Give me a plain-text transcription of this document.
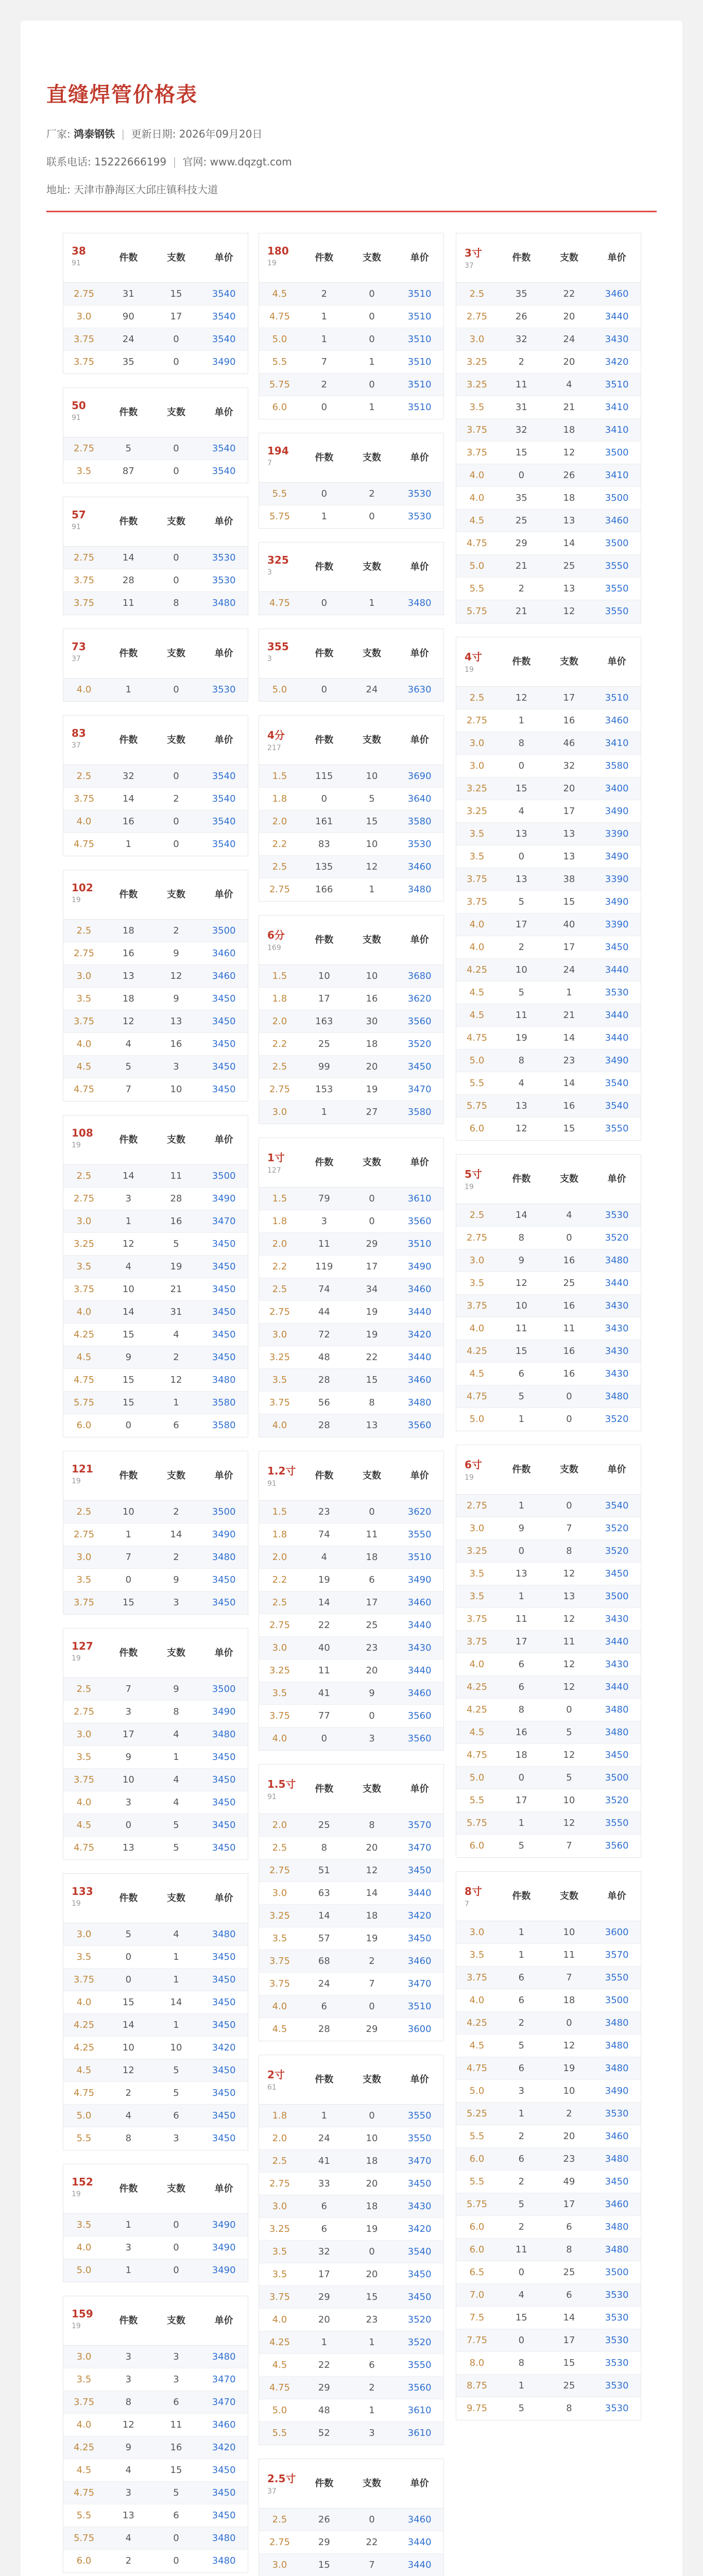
直缝焊管价格表
厂家: 鸿泰钢铁 | 更新日期: 2026年09月20日
联系电话: 15222666199 | 官网: www.dqzgt.com
地址: 天津市静海区大邱庄镇科技大道
38
91	件数	支数	单价
2.75	31	15	3540
3.0	90	17	3540
3.75	24	0	3540
3.75	35	0	3490
50
91	件数	支数	单价
2.75	5	0	3540
3.5	87	0	3540
57
91	件数	支数	单价
2.75	14	0	3530
3.75	28	0	3530
3.75	11	8	3480
73
37	件数	支数	单价
4.0	1	0	3530
83
37	件数	支数	单价
2.5	32	0	3540
3.75	14	2	3540
4.0	16	0	3540
4.75	1	0	3540
102
19	件数	支数	单价
2.5	18	2	3500
2.75	16	9	3460
3.0	13	12	3460
3.5	18	9	3450
3.75	12	13	3450
4.0	4	16	3450
4.5	5	3	3450
4.75	7	10	3450
108
19	件数	支数	单价
2.5	14	11	3500
2.75	3	28	3490
3.0	1	16	3470
3.25	12	5	3450
3.5	4	19	3450
3.75	10	21	3450
4.0	14	31	3450
4.25	15	4	3450
4.5	9	2	3450
4.75	15	12	3480
5.75	15	1	3580
6.0	0	6	3580
121
19	件数	支数	单价
2.5	10	2	3500
2.75	1	14	3490
3.0	7	2	3480
3.5	0	9	3450
3.75	15	3	3450
127
19	件数	支数	单价
2.5	7	9	3500
2.75	3	8	3490
3.0	17	4	3480
3.5	9	1	3450
3.75	10	4	3450
4.0	3	4	3450
4.5	0	5	3450
4.75	13	5	3450
133
19	件数	支数	单价
3.0	5	4	3480
3.5	0	1	3450
3.75	0	1	3450
4.0	15	14	3450
4.25	14	1	3450
4.25	10	10	3420
4.5	12	5	3450
4.75	2	5	3450
5.0	4	6	3450
5.5	8	3	3450
152
19	件数	支数	单价
3.5	1	0	3490
4.0	3	0	3490
5.0	1	0	3490
159
19	件数	支数	单价
3.0	3	3	3480
3.5	3	3	3470
3.75	8	6	3470
4.0	12	11	3460
4.25	9	16	3420
4.5	4	15	3450
4.75	3	5	3450
5.5	13	6	3450
5.75	4	0	3480
6.0	2	0	3480
180
19	件数	支数	单价
4.5	2	0	3510
4.75	1	0	3510
5.0	1	0	3510
5.5	7	1	3510
5.75	2	0	3510
6.0	0	1	3510
194
7	件数	支数	单价
5.5	0	2	3530
5.75	1	0	3530
325
3	件数	支数	单价
4.75	0	1	3480
355
3	件数	支数	单价
5.0	0	24	3630
4分
217
件数	支数	单价
1.5	115	10	3690
1.8	0	5	3640
2.0	161	15	3580
2.2	83	10	3530
2.5	135	12	3460
2.75	166	1	3480
6分
169
件数	支数	单价
1.5	10	10	3680
1.8	17	16	3620
2.0	163	30	3560
2.2	25	18	3520
2.5	99	20	3450
2.75	153	19	3470
3.0	1	27	3580
1寸
127
件数	支数	单价
1.5	79	0	3610
1.8	3	0	3560
2.0	11	29	3510
2.2	119	17	3490
2.5	74	34	3460
2.75	44	19	3440
3.0	72	19	3420
3.25	48	22	3440
3.5	28	15	3460
3.75	56	8	3480
4.0	28	13	3560
1.2寸
91
件数	支数	单价
1.5	23	0	3620
1.8	74	11	3550
2.0	4	18	3510
2.2	19	6	3490
2.5	14	17	3460
2.75	22	25	3440
3.0	40	23	3430
3.25	11	20	3440
3.5	41	9	3460
3.75	77	0	3560
4.0	0	3	3560
1.5寸
91
件数	支数	单价
2.0	25	8	3570
2.5	8	20	3470
2.75	51	12	3450
3.0	63	14	3440
3.25	14	18	3420
3.5	57	19	3450
3.75	68	2	3460
3.75	24	7	3470
4.0	6	0	3510
4.5	28	29	3600
2寸
61
件数	支数	单价
1.8	1	0	3550
2.0	24	10	3550
2.5	41	18	3470
2.75	33	20	3450
3.0	6	18	3430
3.25	6	19	3420
3.5	32	0	3540
3.5	17	20	3450
3.75	29	15	3450
4.0	20	23	3520
4.25	1	1	3520
4.5	22	6	3550
4.75	29	2	3560
5.0	48	1	3610
5.5	52	3	3610
2.5寸
37
件数	支数	单价
2.5	26	0	3460
2.75	29	22	3440
3.0	15	7	3440
3寸
37
件数	支数	单价
2.5	35	22	3460
2.75	26	20	3440
3.0	32	24	3430
3.25	2	20	3420
3.25	11	4	3510
3.5	31	21	3410
3.75	32	18	3410
3.75	15	12	3500
4.0	0	26	3410
4.0	35	18	3500
4.5	25	13	3460
4.75	29	14	3500
5.0	21	25	3550
5.5	2	13	3550
5.75	21	12	3550
4寸
19
件数	支数	单价
2.5	12	17	3510
2.75	1	16	3460
3.0	8	46	3410
3.0	0	32	3580
3.25	15	20	3400
3.25	4	17	3490
3.5	13	13	3390
3.5	0	13	3490
3.75	13	38	3390
3.75	5	15	3490
4.0	17	40	3390
4.0	2	17	3450
4.25	10	24	3440
4.5	5	1	3530
4.5	11	21	3440
4.75	19	14	3440
5.0	8	23	3490
5.5	4	14	3540
5.75	13	16	3540
6.0	12	15	3550
5寸
19
件数	支数	单价
2.5	14	4	3530
2.75	8	0	3520
3.0	9	16	3480
3.5	12	25	3440
3.75	10	16	3430
4.0	11	11	3430
4.25	15	16	3430
4.5	6	16	3430
4.75	5	0	3480
5.0	1	0	3520
6寸
19
件数	支数	单价
2.75	1	0	3540
3.0	9	7	3520
3.25	0	8	3520
3.5	13	12	3450
3.5	1	13	3500
3.75	11	12	3430
3.75	17	11	3440
4.0	6	12	3430
4.25	6	12	3440
4.25	8	0	3480
4.5	16	5	3480
4.75	18	12	3450
5.0	0	5	3500
5.5	17	10	3520
5.75	1	12	3550
6.0	5	7	3560
8寸
7
件数	支数	单价
3.0	1	10	3600
3.5	1	11	3570
3.75	6	7	3550
4.0	6	18	3500
4.25	2	0	3480
4.5	5	12	3480
4.75	6	19	3480
5.0	3	10	3490
5.25	1	2	3530
5.5	2	20	3460
6.0	6	23	3480
5.5	2	49	3450
5.75	5	17	3460
6.0	2	6	3480
6.0	11	8	3480
6.5	0	25	3500
7.0	4	6	3530
7.5	15	14	3530
7.75	0	17	3530
8.0	8	15	3530
8.75	1	25	3530
9.75	5	8	3530
